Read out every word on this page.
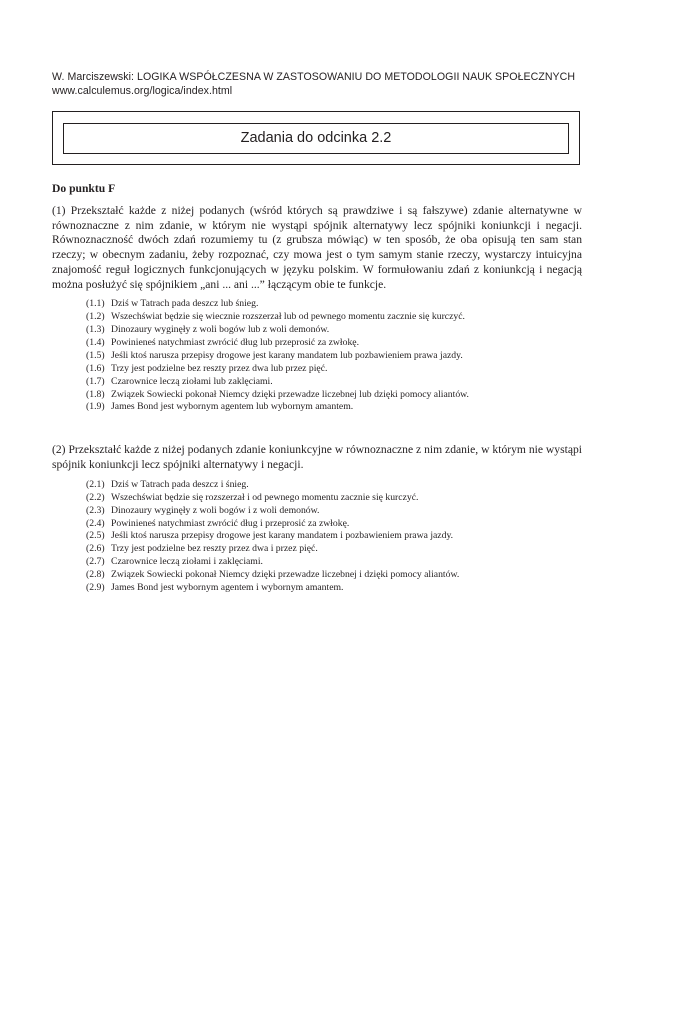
W. Marciszewski: LOGIKA WSPÓŁCZESNA W ZASTOSOWANIU DO METODOLOGII NAUK SPOŁECZNYCH
www.calculemus.org/logica/index.html
Zadania do odcinka 2.2
Do punktu F

(1) Przekształć każde z niżej podanych (wśród których są prawdziwe i są fałszywe) zdanie alternatywne w równoznaczne z nim zdanie, w którym nie wystąpi spójnik alternatywy lecz spójniki koniunkcji i negacji. Równoznaczność dwóch zdań rozumiemy tu (z grubsza mówiąc) w ten sposób, że oba opisują ten sam stan rzeczy; w obecnym zadaniu, żeby rozpoznać, czy mowa jest o tym samym stanie rzeczy, wystarczy intuicyjna znajomość reguł logicznych funkcjonujących w języku polskim. W formułowaniu zdań z koniunkcją i negacją można posłużyć się spójnikiem „ani ... ani ...” łączącym obie te funkcje.

(1.1) Dziś w Tatrach pada deszcz lub śnieg.
(1.2) Wszechświat będzie się wiecznie rozszerzał lub od pewnego momentu zacznie się kurczyć.
(1.3) Dinozaury wyginęły z woli bogów lub z woli demonów.
(1.4) Powinieneś natychmiast zwrócić dług lub przeprosić za zwłokę.
(1.5) Jeśli ktoś narusza przepisy drogowe jest karany mandatem lub pozbawieniem prawa jazdy.
(1.6) Trzy jest podzielne bez reszty przez dwa lub przez pięć.
(1.7) Czarownice leczą ziołami lub zaklęciami.
(1.8) Związek Sowiecki pokonał Niemcy dzięki przewadze liczebnej lub dzięki pomocy aliantów.
(1.9) James Bond jest wybornym agentem lub wybornym amantem.

(2) Przekształć każde z niżej podanych zdanie koniunkcyjne w równoznaczne z nim zdanie, w którym nie wystąpi spójnik koniunkcji lecz spójniki alternatywy i negacji.

(2.1) Dziś w Tatrach pada deszcz i śnieg.
(2.2) Wszechświat będzie się rozszerzał i od pewnego momentu zacznie się kurczyć.
(2.3) Dinozaury wyginęły z woli bogów i z woli demonów.
(2.4) Powinieneś natychmiast zwrócić dług i przeprosić za zwłokę.
(2.5) Jeśli ktoś narusza przepisy drogowe jest karany mandatem i pozbawieniem prawa jazdy.
(2.6) Trzy jest podzielne bez reszty przez dwa i przez pięć.
(2.7) Czarownice leczą ziołami i zaklęciami.
(2.8) Związek Sowiecki pokonał Niemcy dzięki przewadze liczebnej i dzięki pomocy aliantów.
(2.9) James Bond jest wybornym agentem i wybornym amantem.
